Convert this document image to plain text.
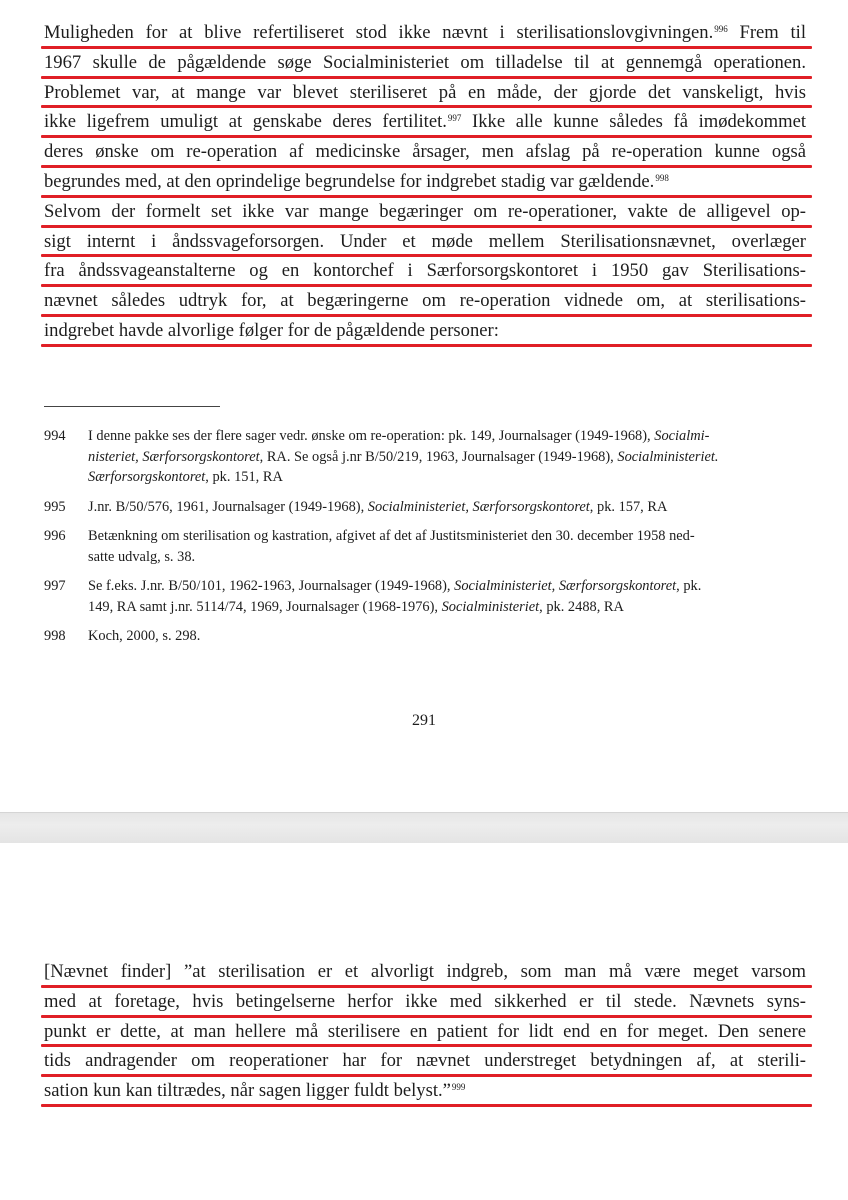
Muligheden for at blive refertiliseret stod ikke nævnt i sterilisationslovgivningen.$^{996}$ Frem til
1967 skulle de pågældende søge Socialministeriet om tilladelse til at gennemgå operationen.
Problemet var, at mange var blevet steriliseret på en måde, der gjorde det vanskeligt, hvis
ikke ligefrem umuligt at genskabe deres fertilitet.$^{997}$ Ikke alle kunne således få imødekommet
deres ønske om re-operation af medicinske årsager, men afslag på re-operation kunne også
begrundes med, at den oprindelige begrundelse for indgrebet stadig var gældende.$^{998}$
Selvom der formelt set ikke var mange begæringer om re-operationer, vakte de alligevel op-
sigt internt i åndssvageforsorgen. Under et møde mellem Sterilisationsnævnet, overlæger
fra åndssvageanstalterne og en kontorchef i Særforsorgskontoret i 1950 gav Sterilisations-
nævnet således udtryk for, at begæringerne om re-operation vidnede om, at sterilisations-
indgrebet havde alvorlige følger for de pågældende personer:
994	I denne pakke ses der flere sager vedr. ønske om re-operation: pk. 149, Journalsager (1949-1968), Socialmi-
nisteriet, Særforsorgskontoret, RA. Se også j.nr B/50/219, 1963, Journalsager (1949-1968), Socialministeriet.
Særforsorgskontoret, pk. 151, RA
995	J.nr. B/50/576, 1961, Journalsager (1949-1968), Socialministeriet, Særforsorgskontoret, pk. 157, RA
996	Betænkning om sterilisation og kastration, afgivet af det af Justitsministeriet den 30. december 1958 ned-
satte udvalg, s. 38.
997	Se f.eks. J.nr. B/50/101, 1962-1963, Journalsager (1949-1968), Socialministeriet, Særforsorgskontoret, pk.
149, RA samt j.nr. 5114/74, 1969, Journalsager (1968-1976), Socialministeriet, pk. 2488, RA
998	Koch, 2000, s. 298.
291
[Nævnet finder] ”at sterilisation er et alvorligt indgreb, som man må være meget varsom
med at foretage, hvis betingelserne herfor ikke med sikkerhed er til stede. Nævnets syns-
punkt er dette, at man hellere må sterilisere en patient for lidt end en for meget. Den senere
tids andragender om reoperationer har for nævnet understreget betydningen af, at sterili-
sation kun kan tiltrædes, når sagen ligger fuldt belyst.”$^{999}$
